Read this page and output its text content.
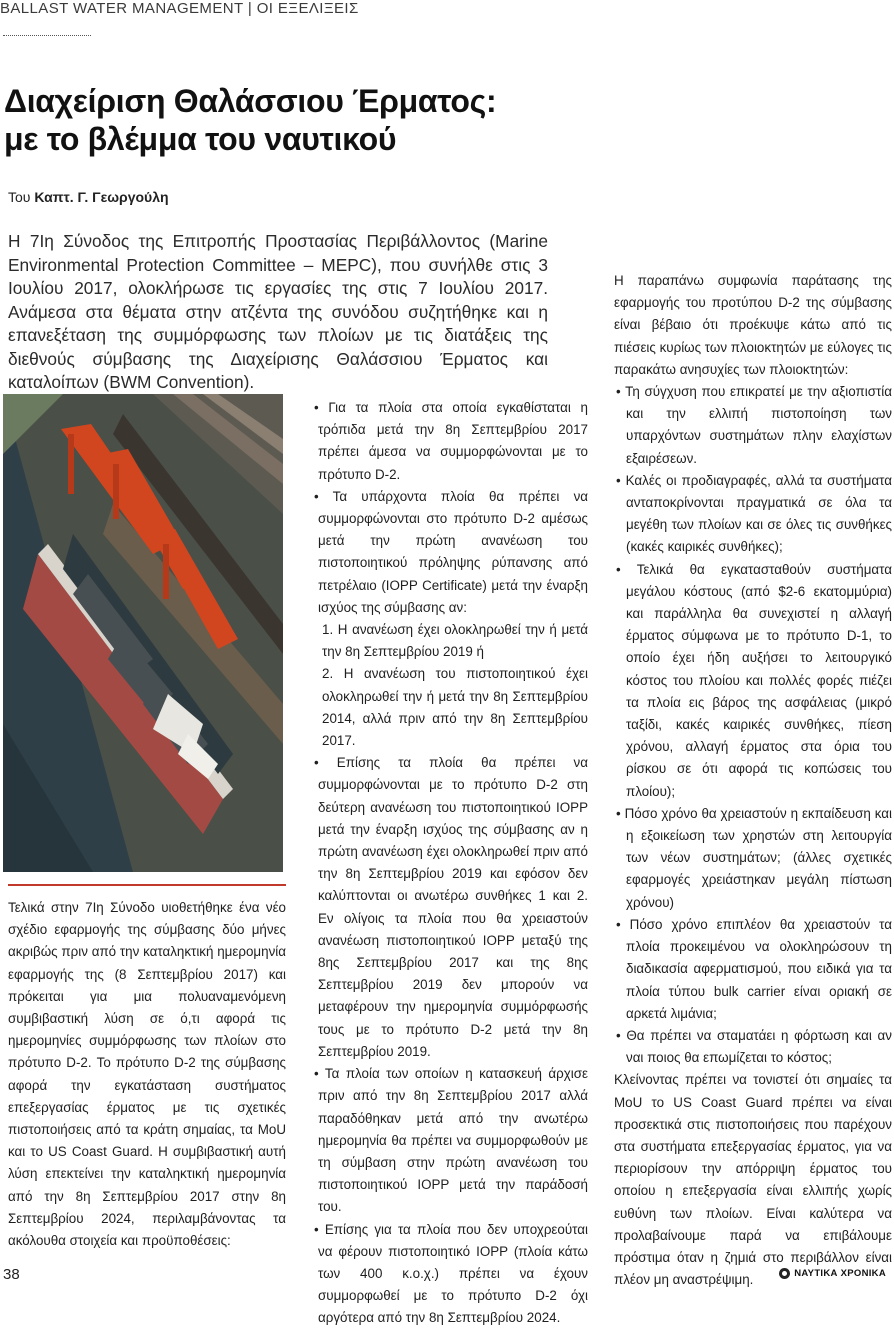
BALLAST WATER MANAGEMENT | ΟΙ ΕΞΕΛΙΞΕΙΣ
Διαχείριση Θαλάσσιου Έρματος:
με το βλέμμα του ναυτικού
Του Καπτ. Γ. Γεωργούλη

Η 7Ιη Σύνοδος της Επιτροπής Προστασίας Περιβάλλοντος (Marine Environmental Protection Committee – MEPC), που συνήλθε στις 3 Ιουλίου 2017, ολοκλήρωσε τις εργασίες της στις 7 Ιουλίου 2017. Ανάμεσα στα θέματα στην ατζέντα της συνόδου συζητήθηκε και η επανεξέταση της συμμόρφωσης των πλοίων με τις διατάξεις της διεθνούς σύμβασης της Διαχείρισης Θαλάσσιου Έρματος και καταλοίπων (BWM Convention).

Τελικά στην 7Ιη Σύνοδο υιοθετήθηκε ένα νέο σχέδιο εφαρμογής της σύμβασης δύο μήνες ακριβώς πριν από την καταληκτική ημερομηνία εφαρμογής της (8 Σεπτεμβρίου 2017) και πρόκειται για μια πολυαναμενόμενη συμβιβαστική λύση σε ό,τι αφορά τις ημερομηνίες συμμόρφωσης των πλοίων στο πρότυπο D-2. Το πρότυπο D-2 της σύμβασης αφορά την εγκατάσταση συστήματος επεξεργασίας έρματος με τις σχετικές πιστοποιήσεις από τα κράτη σημαίας, τα MoU και το US Coast Guard. Η συμβιβαστική αυτή λύση επεκτείνει την καταληκτική ημερομηνία από την 8η Σεπτεμβρίου 2017 στην 8η Σεπτεμβρίου 2024, περιλαμβάνοντας τα ακόλουθα στοιχεία και προϋποθέσεις:

• Για τα πλοία στα οποία εγκαθίσταται η τρόπιδα μετά την 8η Σεπτεμβρίου 2017 πρέπει άμεσα να συμμορφώνονται με το πρότυπο D-2.

• Τα υπάρχοντα πλοία θα πρέπει να συμμορφώνονται στο πρότυπο D-2 αμέσως μετά την πρώτη ανανέωση του πιστοποιητικού πρόληψης ρύπανσης από πετρέλαιο (IOPP Certificate) μετά την έναρξη ισχύος της σύμβασης αν:

1. Η ανανέωση έχει ολοκληρωθεί την ή μετά την 8η Σεπτεμβρίου 2019 ή

2. Η ανανέωση του πιστοποιητικού έχει ολοκληρωθεί την ή μετά την 8η Σεπτεμβρίου 2014, αλλά πριν από την 8η Σεπτεμβρίου 2017.

• Επίσης τα πλοία θα πρέπει να συμμορφώνονται με το πρότυπο D-2 στη δεύτερη ανανέωση του πιστοποιητικού IOPP μετά την έναρξη ισχύος της σύμβασης αν η πρώτη ανανέωση έχει ολοκληρωθεί πριν από την 8η Σεπτεμβρίου 2019 και εφόσον δεν καλύπτονται οι ανωτέρω συνθήκες 1 και 2. Εν ολίγοις τα πλοία που θα χρειαστούν ανανέωση πιστοποιητικού IOPP μεταξύ της 8ης Σεπτεμβρίου 2017 και της 8ης Σεπτεμβρίου 2019 δεν μπορούν να μεταφέρουν την ημερομηνία συμμόρφωσής τους με το πρότυπο D-2 μετά την 8η Σεπτεμβρίου 2019.

• Τα πλοία των οποίων η κατασκευή άρχισε πριν από την 8η Σεπτεμβρίου 2017 αλλά παραδόθηκαν μετά από την ανωτέρω ημερομηνία θα πρέπει να συμμορφωθούν με τη σύμβαση στην πρώτη ανανέωση του πιστοποιητικού IOPP μετά την παράδοσή του.

• Επίσης για τα πλοία που δεν υποχρεούται να φέρουν πιστοποιητικό IOPP (πλοία κάτω των 400 κ.ο.χ.) πρέπει να έχουν συμμορφωθεί με το πρότυπο D-2 όχι αργότερα από την 8η Σεπτεμβρίου 2024.

Η παραπάνω συμφωνία παράτασης της εφαρμογής του προτύπου D-2 της σύμβασης είναι βέβαιο ότι προέκυψε κάτω από τις πιέσεις κυρίως των πλοιοκτητών με εύλογες τις παρακάτω ανησυχίες των πλοιοκτητών:

• Τη σύγχυση που επικρατεί με την αξιοπιστία και την ελλιπή πιστοποίηση των υπαρχόντων συστημάτων πλην ελαχίστων εξαιρέσεων.

• Καλές οι προδιαγραφές, αλλά τα συστήματα ανταποκρίνονται πραγματικά σε όλα τα μεγέθη των πλοίων και σε όλες τις συνθήκες (κακές καιρικές συνθήκες);

• Τελικά θα εγκατασταθούν συστήματα μεγάλου κόστους (από $2-6 εκατομμύρια) και παράλληλα θα συνεχιστεί η αλλαγή έρματος σύμφωνα με το πρότυπο D-1, το οποίο έχει ήδη αυξήσει το λειτουργικό κόστος του πλοίου και πολλές φορές πιέζει τα πλοία εις βάρος της ασφάλειας (μικρό ταξίδι, κακές καιρικές συνθήκες, πίεση χρόνου, αλλαγή έρματος στα όρια του ρίσκου σε ότι αφορά τις κοπώσεις του πλοίου);

• Πόσο χρόνο θα χρειαστούν η εκπαίδευση και η εξοικείωση των χρηστών στη λειτουργία των νέων συστημάτων; (άλλες σχετικές εφαρμογές χρειάστηκαν μεγάλη πίστωση χρόνου)

• Πόσο χρόνο επιπλέον θα χρειαστούν τα πλοία προκειμένου να ολοκληρώσουν τη διαδικασία αφερματισμού, που ειδικά για τα πλοία τύπου bulk carrier είναι οριακή σε αρκετά λιμάνια;

• Θα πρέπει να σταματάει η φόρτωση και αν ναι ποιος θα επωμίζεται το κόστος;

Κλείνοντας πρέπει να τονιστεί ότι σημαίες τα MoU το US Coast Guard πρέπει να είναι προσεκτικά στις πιστοποιήσεις που παρέχουν στα συστήματα επεξεργασίας έρματος, για να περιορίσουν την απόρριψη έρματος του οποίου η επεξεργασία είναι ελλιπής χωρίς ευθύνη των πλοίων. Είναι καλύτερα να προλαβαίνουμε παρά να επιβάλουμε πρόστιμα όταν η ζημιά στο περιβάλλον είναι πλέον μη αναστρέψιμη.

38	ΝΑΥΤΙΚΑ ΧΡΟΝΙΚΑ
